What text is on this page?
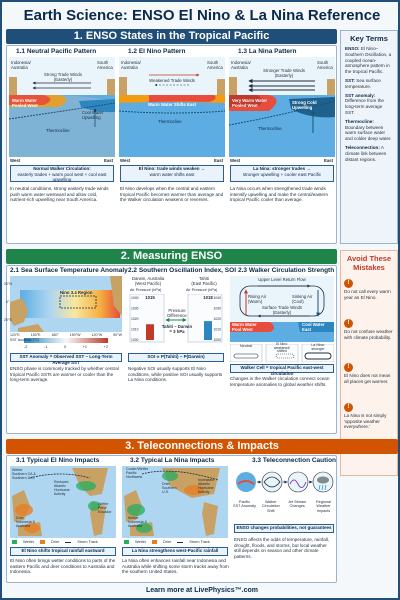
Earth Science: ENSO El Nino & La Nina Reference
1. ENSO States in the Tropical Pacific
1.1 Neutral Pacific Pattern
Indonesia/
Australia
South
America
Strong Trade Winds
(Easterly)
Warm Water
Pooled West
Cool Water
Upwelling
Thermocline
West	East
Normal Walker Circulation:
easterly trades + warm pool west + cool east upwelling
In neutral conditions, strong easterly trade winds push warm water westward and allow cold, nutrient-rich upwelling near South America.
1.2 El Nino Pattern
Indonesia/
Australia
South
America
Weakened Trade Winds
Warm Water Shifts East
Thermocline
West	East
El Nino: trade winds weaken →
warm water shifts east
El Nino develops when the central and eastern tropical Pacific becomes warmer than average and the Walker circulation weakens or reverses.
1.3 La Nina Pattern
Indonesia/
Australia
South
America
Stronger Trade Winds
(Easterly)
Very Warm Water
Pooled West
Strong Cold
Upwelling
Thermocline
West	East
La Nina: stronger trades →
stronger upwelling + cooler east Pacific
La Nina occurs when strengthened trade winds intensify upwelling and make the central/eastern tropical Pacific cooler than average.
Key Terms
ENSO: El Nino–Southern Oscillation, a coupled ocean-atmosphere pattern in the tropical Pacific.
SST: Sea surface temperature.
SST anomaly: Difference from the long-term average SST.
Thermocline: Boundary between warm surface water and colder deep water.
Teleconnection: A climate link between distant regions.
2. Measuring ENSO
2.1 Sea Surface Temperature Anomaly
Nino 3.4 Region
20°N
0°
20°S
120°E	150°E	180°	150°W	120°W	90°W
SST Anomaly (°C)
-2	-1	0	+1	+2
SST Anomaly = Observed SST – Long-Term Average SST
ENSO phase is commonly tracked by whether central tropical Pacific SSTs are warmer or cooler than the long-term average.
2.2 Southern Oscillation Index, SOI
Darwin, Australia
(West Pacific)
Tahiti
(East Pacific)
Air Pressure (hPa)	Air Pressure (hPa)
1040	1040
1030	1030
1020	1020
1010	1010
1000	1000
1015	1018
Pressure
Difference
Tahiti – Darwin
= 3 hPa
SOI ∝ P(Tahiti) − P(Darwin)
Negative SOI usually supports El Nino conditions, while positive SOI usually supports La Nina conditions.
2.3 Walker Circulation Strength
Upper Level Return Flow
Rising Air
(Warm)
Sinking Air
(Cool)
Surface Trade Winds
(Easterly)
Warm Water
Pool West
Cool Water
East
Neutral	El Nino:
weakened/
shifted
La Nina:
stronger
Walker Cell = tropical Pacific east-west circulation
Changes in the Walker circulation connect ocean temperature anomalies to global weather shifts.
Avoid These Mistakes
!
Do not call every warm year an El Nino.
!
Do not confuse weather with climate probability.
!
El Nino does not mean all places get warmer.
!
La Nina is not simply 'opposite weather everywhere.'
3. Teleconnections & Impacts
3.1 Typical El Nino Impacts
Wetter
Southern CA &
Southern U.S.
Reduced
Atlantic
Hurricane
Activity
Wetter
Peru/
Ecuador
Drier
Indonesia &
Australia
Wetter	Drier	Storm Track
El Nino shifts tropical rainfall eastward
El Nino often brings wetter conditions to parts of the eastern Pacific and drier conditions to Australia and Indonesia.
3.2 Typical La Nina Impacts
Cooler/Wetter
Pacific
Northwest
Drier
Southern
U.S.
Increased
Atlantic
Hurricane
Activity
Wetter
Indonesia &
Australia
Wetter	Drier	Storm Track
La Nina strengthens west-Pacific rainfall
La Nina often enhances rainfall near Indonesia and Australia while shifting some storm tracks away from the southern United States.
3.3 Teleconnection Caution
Pacific
SST Anomaly
Walker
Circulation
Shift
Jet Stream
Changes
Regional
Weather
Impacts
ENSO changes probabilities, not guarantees
ENSO affects the odds of temperature, rainfall, drought, floods, and storms, but local weather still depends on season and other climate patterns.
Learn more at LivePhysics™.com
